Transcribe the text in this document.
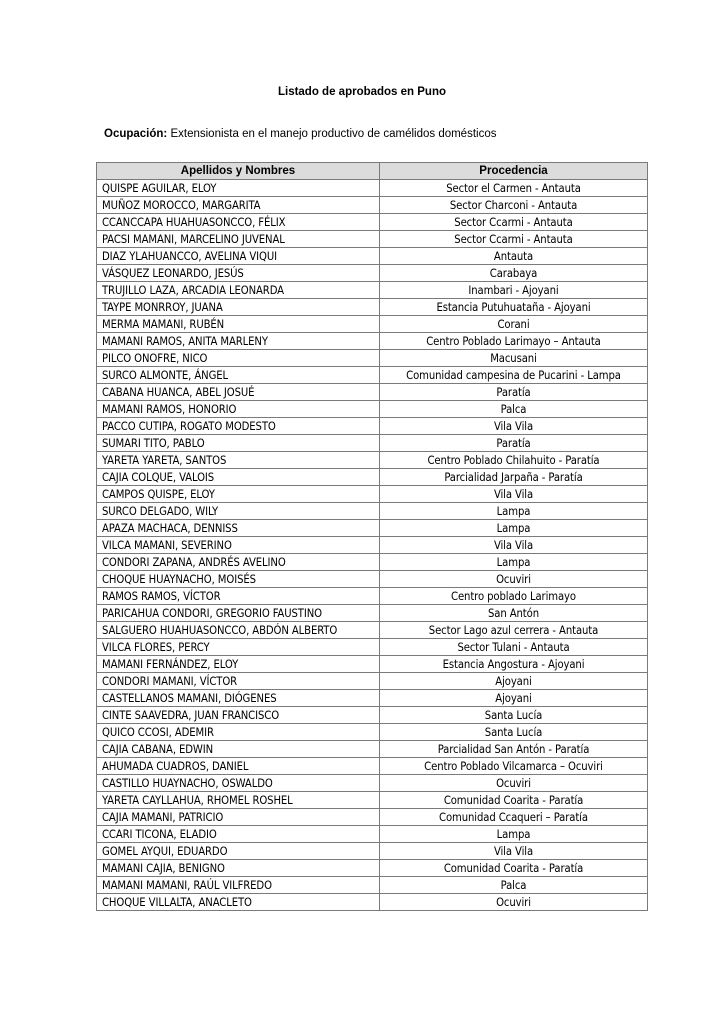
Listado de aprobados en Puno
Ocupación: Extensionista en el manejo productivo de camélidos domésticos
Apellidos y Nombres	Procedencia
QUISPE AGUILAR, ELOY	Sector el Carmen - Antauta
MUÑOZ MOROCCO, MARGARITA	Sector Charconi - Antauta
CCANCCAPA HUAHUASONCCO, FÉLIX	Sector Ccarmi - Antauta
PACSI MAMANI, MARCELINO JUVENAL	Sector Ccarmi - Antauta
DIAZ YLAHUANCCO, AVELINA VIQUI	Antauta
VÁSQUEZ LEONARDO, JESÚS	Carabaya
TRUJILLO LAZA, ARCADIA LEONARDA	Inambari - Ajoyani
TAYPE MONRROY, JUANA	Estancia Putuhuataña - Ajoyani
MERMA MAMANI, RUBÉN	Corani
MAMANI RAMOS, ANITA MARLENY	Centro Poblado Larimayo – Antauta
PILCO ONOFRE, NICO	Macusani
SURCO ALMONTE, ÁNGEL	Comunidad campesina de Pucarini - Lampa
CABANA HUANCA, ABEL JOSUÉ	Paratía
MAMANI RAMOS, HONORIO	Palca
PACCO CUTIPA, ROGATO MODESTO	Vila Vila
SUMARI TITO, PABLO	Paratía
YARETA YARETA, SANTOS	Centro Poblado Chilahuito - Paratía
CAJIA COLQUE, VALOIS	Parcialidad Jarpaña - Paratía
CAMPOS QUISPE, ELOY	Vila Vila
SURCO DELGADO, WILY	Lampa
APAZA MACHACA, DENNISS	Lampa
VILCA MAMANI, SEVERINO	Vila Vila
CONDORI ZAPANA, ANDRÉS AVELINO	Lampa
CHOQUE HUAYNACHO, MOISÉS	Ocuviri
RAMOS RAMOS, VÍCTOR	Centro poblado Larimayo
PARICAHUA CONDORI, GREGORIO FAUSTINO	San Antón
SALGUERO HUAHUASONCCO, ABDÓN ALBERTO	Sector Lago azul cerrera - Antauta
VILCA FLORES, PERCY	Sector Tulani - Antauta
MAMANI FERNÁNDEZ, ELOY	Estancia Angostura - Ajoyani
CONDORI MAMANI, VÍCTOR	Ajoyani
CASTELLANOS MAMANI, DIÓGENES	Ajoyani
CINTE SAAVEDRA, JUAN FRANCISCO	Santa Lucía
QUICO CCOSI, ADEMIR	Santa Lucía
CAJIA CABANA, EDWIN	Parcialidad San Antón - Paratía
AHUMADA CUADROS, DANIEL	Centro Poblado Vilcamarca – Ocuviri
CASTILLO HUAYNACHO, OSWALDO	Ocuviri
YARETA CAYLLAHUA, RHOMEL ROSHEL	Comunidad Coarita - Paratía
CAJIA MAMANI, PATRICIO	Comunidad Ccaqueri – Paratía
CCARI TICONA, ELADIO	Lampa
GOMEL AYQUI, EDUARDO	Vila Vila
MAMANI CAJIA, BENIGNO	Comunidad Coarita - Paratía
MAMANI MAMANI, RAÚL VILFREDO	Palca
CHOQUE VILLALTA, ANACLETO	Ocuviri
